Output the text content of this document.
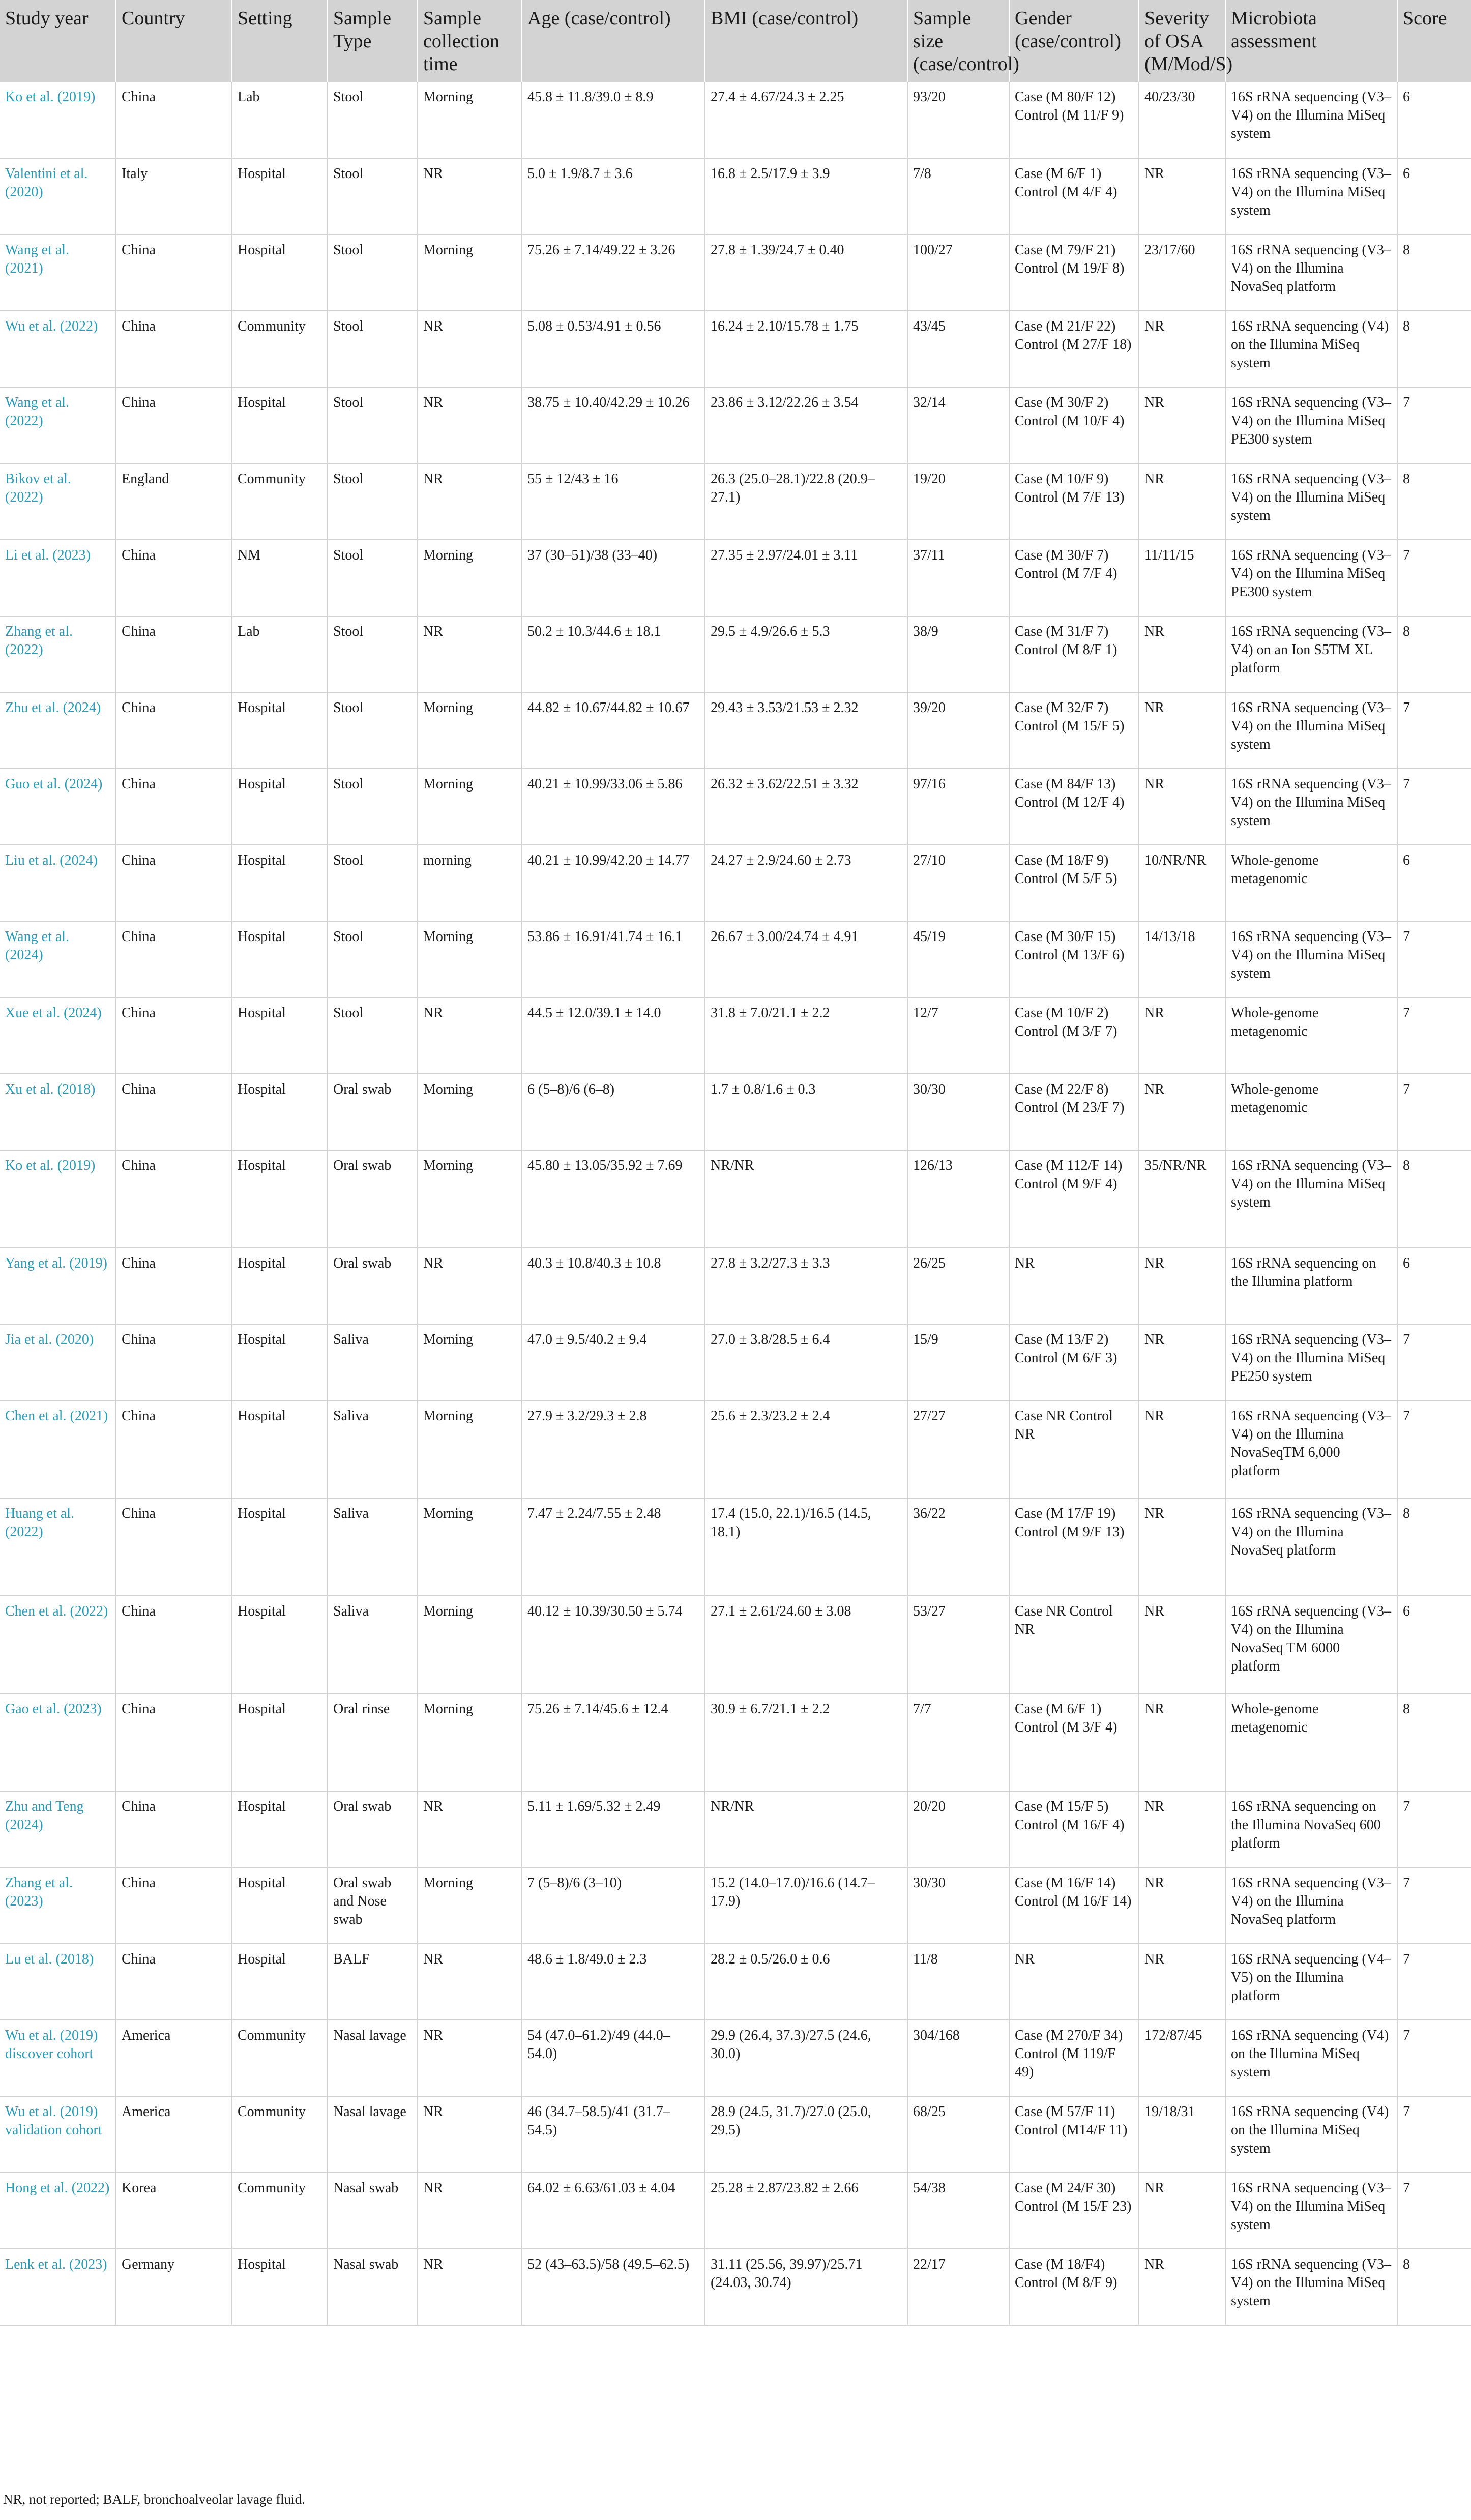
Study year	Country	Setting	Sample Type	Sample collection time	Age (case/control)	BMI (case/control)	Sample size (case/control)	Gender (case/control)	Severity of OSA (M/Mod/S)	Microbiota assessment	Score
Ko et al. (2019)	China	Lab	Stool	Morning	45.8 ± 11.8/39.0 ± 8.9	27.4 ± 4.67/24.3 ± 2.25	93/20	Case (M 80/F 12) Control (M 11/F 9)	40/23/30	16S rRNA sequencing (V3–V4) on the Illumina MiSeq system	6
Valentini et al. (2020)	Italy	Hospital	Stool	NR	5.0 ± 1.9/8.7 ± 3.6	16.8 ± 2.5/17.9 ± 3.9	7/8	Case (M 6/F 1) Control (M 4/F 4)	NR	16S rRNA sequencing (V3–V4) on the Illumina MiSeq system	6
Wang et al. (2021)	China	Hospital	Stool	Morning	75.26 ± 7.14/49.22 ± 3.26	27.8 ± 1.39/24.7 ± 0.40	100/27	Case (M 79/F 21) Control (M 19/F 8)	23/17/60	16S rRNA sequencing (V3–V4) on the Illumina NovaSeq platform	8
Wu et al. (2022)	China	Community	Stool	NR	5.08 ± 0.53/4.91 ± 0.56	16.24 ± 2.10/15.78 ± 1.75	43/45	Case (M 21/F 22) Control (M 27/F 18)	NR	16S rRNA sequencing (V4) on the Illumina MiSeq system	8
Wang et al. (2022)	China	Hospital	Stool	NR	38.75 ± 10.40/42.29 ± 10.26	23.86 ± 3.12/22.26 ± 3.54	32/14	Case (M 30/F 2) Control (M 10/F 4)	NR	16S rRNA sequencing (V3–V4) on the Illumina MiSeq PE300 system	7
Bikov et al. (2022)	England	Community	Stool	NR	55 ± 12/43 ± 16	26.3 (25.0–28.1)/22.8 (20.9–27.1)	19/20	Case (M 10/F 9) Control (M 7/F 13)	NR	16S rRNA sequencing (V3–V4) on the Illumina MiSeq system	8
Li et al. (2023)	China	NM	Stool	Morning	37 (30–51)/38 (33–40)	27.35 ± 2.97/24.01 ± 3.11	37/11	Case (M 30/F 7) Control (M 7/F 4)	11/11/15	16S rRNA sequencing (V3–V4) on the Illumina MiSeq PE300 system	7
Zhang et al. (2022)	China	Lab	Stool	NR	50.2 ± 10.3/44.6 ± 18.1	29.5 ± 4.9/26.6 ± 5.3	38/9	Case (M 31/F 7) Control (M 8/F 1)	NR	16S rRNA sequencing (V3–V4) on an Ion S5TM XL platform	8
Zhu et al. (2024)	China	Hospital	Stool	Morning	44.82 ± 10.67/44.82 ± 10.67	29.43 ± 3.53/21.53 ± 2.32	39/20	Case (M 32/F 7) Control (M 15/F 5)	NR	16S rRNA sequencing (V3–V4) on the Illumina MiSeq system	7
Guo et al. (2024)	China	Hospital	Stool	Morning	40.21 ± 10.99/33.06 ± 5.86	26.32 ± 3.62/22.51 ± 3.32	97/16	Case (M 84/F 13) Control (M 12/F 4)	NR	16S rRNA sequencing (V3–V4) on the Illumina MiSeq system	7
Liu et al. (2024)	China	Hospital	Stool	morning	40.21 ± 10.99/42.20 ± 14.77	24.27 ± 2.9/24.60 ± 2.73	27/10	Case (M 18/F 9) Control (M 5/F 5)	10/NR/NR	Whole-genome metagenomic	6
Wang et al. (2024)	China	Hospital	Stool	Morning	53.86 ± 16.91/41.74 ± 16.1	26.67 ± 3.00/24.74 ± 4.91	45/19	Case (M 30/F 15) Control (M 13/F 6)	14/13/18	16S rRNA sequencing (V3–V4) on the Illumina MiSeq system	7
Xue et al. (2024)	China	Hospital	Stool	NR	44.5 ± 12.0/39.1 ± 14.0	31.8 ± 7.0/21.1 ± 2.2	12/7	Case (M 10/F 2) Control (M 3/F 7)	NR	Whole-genome metagenomic	7
Xu et al. (2018)	China	Hospital	Oral swab	Morning	6 (5–8)/6 (6–8)	1.7 ± 0.8/1.6 ± 0.3	30/30	Case (M 22/F 8) Control (M 23/F 7)	NR	Whole-genome metagenomic	7
Ko et al. (2019)	China	Hospital	Oral swab	Morning	45.80 ± 13.05/35.92 ± 7.69	NR/NR	126/13	Case (M 112/F 14) Control (M 9/F 4)	35/NR/NR	16S rRNA sequencing (V3–V4) on the Illumina MiSeq system	8
Yang et al. (2019)	China	Hospital	Oral swab	NR	40.3 ± 10.8/40.3 ± 10.8	27.8 ± 3.2/27.3 ± 3.3	26/25	NR	NR	16S rRNA sequencing on the Illumina platform	6
Jia et al. (2020)	China	Hospital	Saliva	Morning	47.0 ± 9.5/40.2 ± 9.4	27.0 ± 3.8/28.5 ± 6.4	15/9	Case (M 13/F 2) Control (M 6/F 3)	NR	16S rRNA sequencing (V3–V4) on the Illumina MiSeq PE250 system	7
Chen et al. (2021)	China	Hospital	Saliva	Morning	27.9 ± 3.2/29.3 ± 2.8	25.6 ± 2.3/23.2 ± 2.4	27/27	Case NR Control NR	NR	16S rRNA sequencing (V3–V4) on the Illumina NovaSeqTM 6,000 platform	7
Huang et al. (2022)	China	Hospital	Saliva	Morning	7.47 ± 2.24/7.55 ± 2.48	17.4 (15.0, 22.1)/16.5 (14.5, 18.1)	36/22	Case (M 17/F 19) Control (M 9/F 13)	NR	16S rRNA sequencing (V3–V4) on the Illumina NovaSeq platform	8
Chen et al. (2022)	China	Hospital	Saliva	Morning	40.12 ± 10.39/30.50 ± 5.74	27.1 ± 2.61/24.60 ± 3.08	53/27	Case NR Control NR	NR	16S rRNA sequencing (V3–V4) on the Illumina NovaSeq TM 6000 platform	6
Gao et al. (2023)	China	Hospital	Oral rinse	Morning	75.26 ± 7.14/45.6 ± 12.4	30.9 ± 6.7/21.1 ± 2.2	7/7	Case (M 6/F 1) Control (M 3/F 4)	NR	Whole-genome metagenomic	8
Zhu and Teng (2024)	China	Hospital	Oral swab	NR	5.11 ± 1.69/5.32 ± 2.49	NR/NR	20/20	Case (M 15/F 5) Control (M 16/F 4)	NR	16S rRNA sequencing on the Illumina NovaSeq 600 platform	7
Zhang et al. (2023)	China	Hospital	Oral swab and Nose swab	Morning	7 (5–8)/6 (3–10)	15.2 (14.0–17.0)/16.6 (14.7–17.9)	30/30	Case (M 16/F 14) Control (M 16/F 14)	NR	16S rRNA sequencing (V3–V4) on the Illumina NovaSeq platform	7
Lu et al. (2018)	China	Hospital	BALF	NR	48.6 ± 1.8/49.0 ± 2.3	28.2 ± 0.5/26.0 ± 0.6	11/8	NR	NR	16S rRNA sequencing (V4–V5) on the Illumina platform	7
Wu et al. (2019) discover cohort	America	Community	Nasal lavage	NR	54 (47.0–61.2)/49 (44.0–54.0)	29.9 (26.4, 37.3)/27.5 (24.6, 30.0)	304/168	Case (M 270/F 34) Control (M 119/F 49)	172/87/45	16S rRNA sequencing (V4) on the Illumina MiSeq system	7
Wu et al. (2019) validation cohort	America	Community	Nasal lavage	NR	46 (34.7–58.5)/41 (31.7–54.5)	28.9 (24.5, 31.7)/27.0 (25.0, 29.5)	68/25	Case (M 57/F 11) Control (M14/F 11)	19/18/31	16S rRNA sequencing (V4) on the Illumina MiSeq system	7
Hong et al. (2022)	Korea	Community	Nasal swab	NR	64.02 ± 6.63/61.03 ± 4.04	25.28 ± 2.87/23.82 ± 2.66	54/38	Case (M 24/F 30) Control (M 15/F 23)	NR	16S rRNA sequencing (V3–V4) on the Illumina MiSeq system	7
Lenk et al. (2023)	Germany	Hospital	Nasal swab	NR	52 (43–63.5)/58 (49.5–62.5)	31.11 (25.56, 39.97)/25.71 (24.03, 30.74)	22/17	Case (M 18/F4) Control (M 8/F 9)	NR	16S rRNA sequencing (V3–V4) on the Illumina MiSeq system	8
NR, not reported; BALF, bronchoalveolar lavage fluid.
